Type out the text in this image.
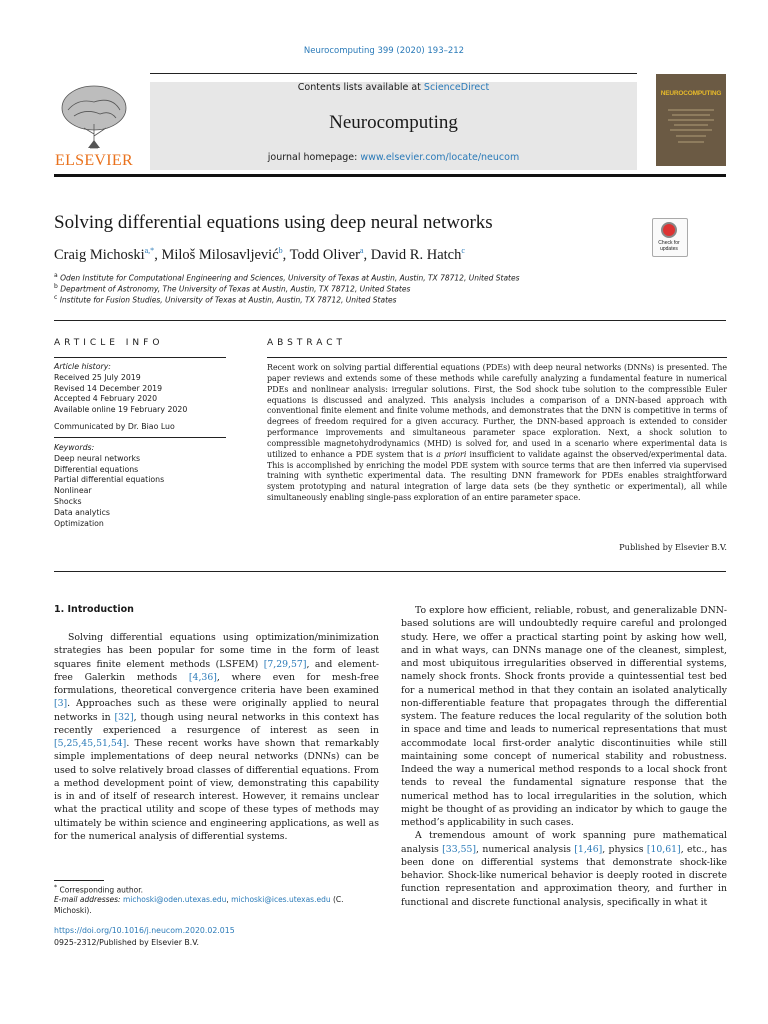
Neurocomputing 399 (2020) 193–212
ELSEVIER
Contents lists available at ScienceDirect
Neurocomputing
journal homepage: www.elsevier.com/locate/neucom
NEUROCOMPUTING
Solving differential equations using deep neural networks
Craig Michoski$^{a,*}$, Miloš Milosavljević$^b$, Todd Oliver$^a$, David R. Hatch$^c$
$^a$ Oden Institute for Computational Engineering and Sciences, University of Texas at Austin, Austin, TX 78712, United States
$^b$ Department of Astronomy, The University of Texas at Austin, Austin, TX 78712, United States
$^c$ Institute for Fusion Studies, University of Texas at Austin, Austin, TX 78712, United States
Check for updates
ARTICLE INFO
Article history:
Received 25 July 2019
Revised 14 December 2019
Accepted 4 February 2020
Available online 19 February 2020
Communicated by Dr. Biao Luo
Keywords:
Deep neural networks
Differential equations
Partial differential equations
Nonlinear
Shocks
Data analytics
Optimization
ABSTRACT
Recent work on solving partial differential equations (PDEs) with deep neural networks (DNNs) is presented. The paper reviews and extends some of these methods while carefully analyzing a fundamental feature in numerical PDEs and nonlinear analysis: irregular solutions. First, the Sod shock tube solution to the compressible Euler equations is discussed and analyzed. This analysis includes a comparison of a DNN-based approach with conventional finite element and finite volume methods, and demonstrates that the DNN is competitive in terms of degrees of freedom required for a given accuracy. Further, the DNN-based approach is extended to consider performance improvements and simultaneous parameter space exploration. Next, a shock solution to compressible magnetohydrodynamics (MHD) is solved for, and used in a scenario where experimental data is utilized to enhance a PDE system that is a priori insufficient to validate against the observed/experimental data. This is accomplished by enriching the model PDE system with source terms that are then inferred via supervised training with synthetic experimental data. The resulting DNN framework for PDEs enables straightforward system prototyping and natural integration of large data sets (be they synthetic or experimental), all while simultaneously enabling single-pass exploration of an entire parameter space.
Published by Elsevier B.V.
1. Introduction

Solving differential equations using optimization/minimization strategies has been popular for some time in the form of least squares finite element methods (LSFEM) [7,29,57], and element-free Galerkin methods [4,36], where even for mesh-free formulations, theoretical convergence criteria have been examined [3]. Approaches such as these were originally applied to neural networks in [32], though using neural networks in this context has recently experienced a resurgence of interest as seen in [5,25,45,51,54]. These recent works have shown that remarkably simple implementations of deep neural networks (DNNs) can be used to solve relatively broad classes of differential equations. From a method development point of view, demonstrating this capability is in and of itself of research interest. However, it remains unclear what the practical utility and scope of these types of methods may ultimately be within science and engineering applications, as well as for the numerical analysis of differential systems.

To explore how efficient, reliable, robust, and generalizable DNN-based solutions are will undoubtedly require careful and prolonged study. Here, we offer a practical starting point by asking how well, and in what ways, can DNNs manage one of the cleanest, simplest, and most ubiquitous irregularities observed in differential systems, namely shock fronts. Shock fronts provide a quintessential test bed for a numerical method in that they contain an isolated analytically non-differentiable feature that propagates through the differential system. The feature reduces the local regularity of the solution both in space and time and leads to numerical representations that must accommodate local first-order analytic discontinuities while still maintaining some concept of numerical stability and robustness. Indeed the way a numerical method responds to a local shock front tends to reveal the fundamental signature response that the numerical method has to local irregularities in the solution, which might be thought of as providing an indicator by which to gauge the method’s applicability in such cases.

A tremendous amount of work spanning pure mathematical analysis [33,55], numerical analysis [1,46], physics [10,61], etc., has been done on differential systems that demonstrate shock-like behavior. Shock-like numerical behavior is deeply rooted in discrete function representation and approximation theory, and further in functional and discrete functional analysis, specifically in what it

* Corresponding author.
E-mail addresses: michoski@oden.utexas.edu, michoski@ices.utexas.edu (C. Michoski).
https://doi.org/10.1016/j.neucom.2020.02.015
0925-2312/Published by Elsevier B.V.
